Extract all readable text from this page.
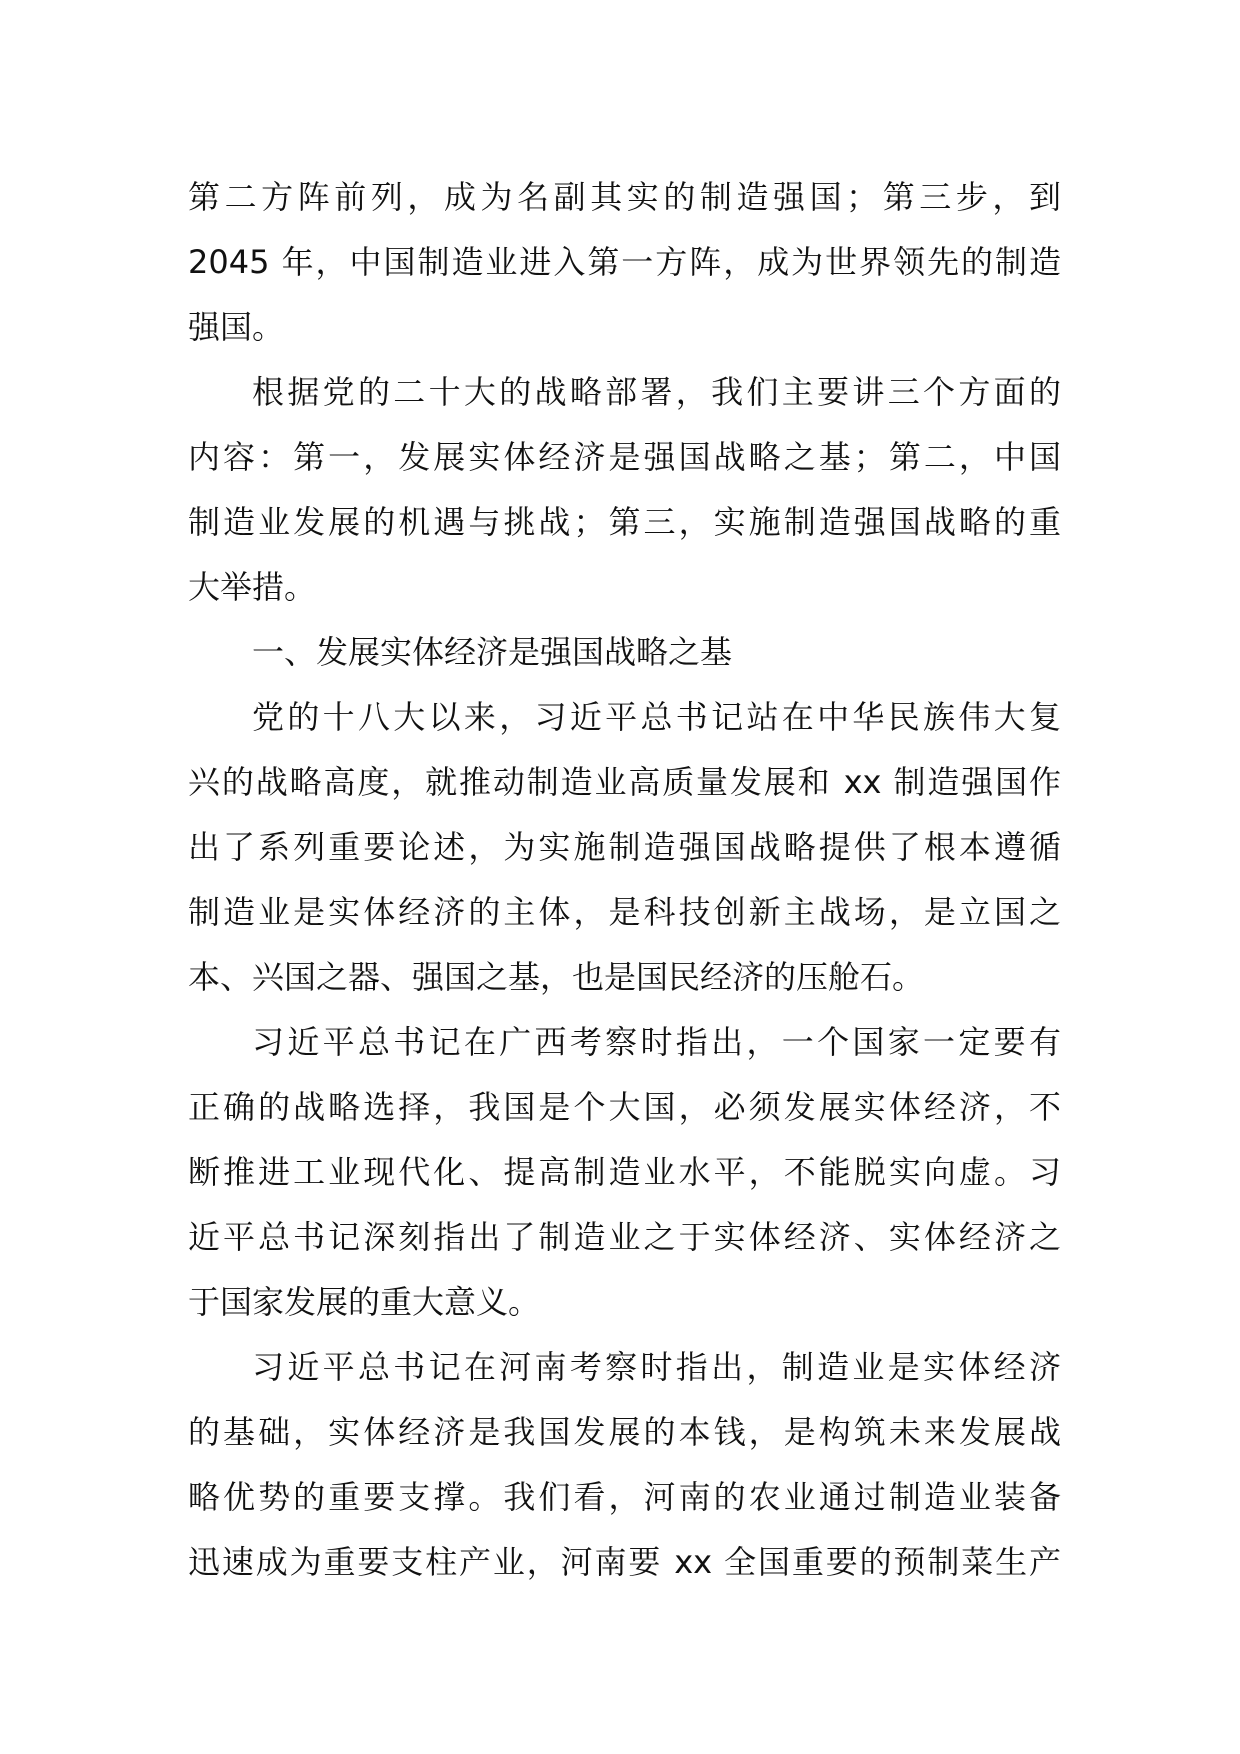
第二方阵前列，成为名副其实的制造强国；第三步，到
2045 年，中国制造业进入第一方阵，成为世界领先的制造
强国。
根据党的二十大的战略部署，我们主要讲三个方面的
内容：第一，发展实体经济是强国战略之基；第二，中国
制造业发展的机遇与挑战；第三，实施制造强国战略的重
大举措。
一、发展实体经济是强国战略之基
党的十八大以来，习近平总书记站在中华民族伟大复
兴的战略高度，就推动制造业高质量发展和 xx 制造强国作
出了系列重要论述，为实施制造强国战略提供了根本遵循
制造业是实体经济的主体，是科技创新主战场，是立国之
本、兴国之器、强国之基，也是国民经济的压舱石。
习近平总书记在广西考察时指出，一个国家一定要有
正确的战略选择，我国是个大国，必须发展实体经济，不
断推进工业现代化、提高制造业水平，不能脱实向虚。习
近平总书记深刻指出了制造业之于实体经济、实体经济之
于国家发展的重大意义。
习近平总书记在河南考察时指出，制造业是实体经济
的基础，实体经济是我国发展的本钱，是构筑未来发展战
略优势的重要支撑。我们看，河南的农业通过制造业装备
迅速成为重要支柱产业，河南要 xx 全国重要的预制菜生产
